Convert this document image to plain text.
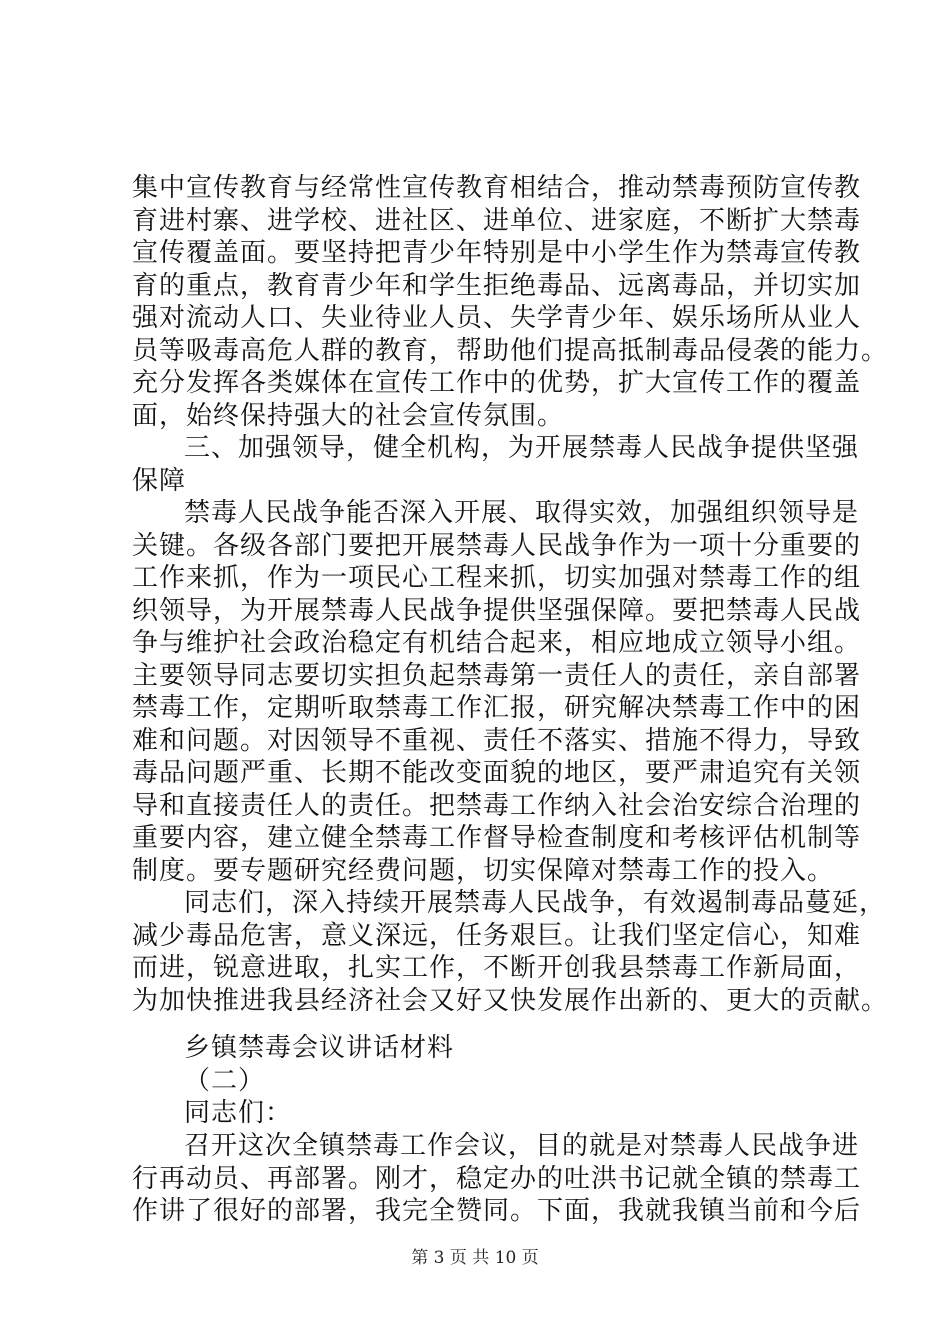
集中宣传教育与经常性宣传教育相结合，推动禁毒预防宣传教
育进村寨、进学校、进社区、进单位、进家庭，不断扩大禁毒
宣传覆盖面。要坚持把青少年特别是中小学生作为禁毒宣传教
育的重点，教育青少年和学生拒绝毒品、远离毒品，并切实加
强对流动人口、失业待业人员、失学青少年、娱乐场所从业人
员等吸毒高危人群的教育，帮助他们提高抵制毒品侵袭的能力。
充分发挥各类媒体在宣传工作中的优势，扩大宣传工作的覆盖
面，始终保持强大的社会宣传氛围。
三、加强领导，健全机构，为开展禁毒人民战争提供坚强
保障
禁毒人民战争能否深入开展、取得实效，加强组织领导是
关键。各级各部门要把开展禁毒人民战争作为一项十分重要的
工作来抓，作为一项民心工程来抓，切实加强对禁毒工作的组
织领导，为开展禁毒人民战争提供坚强保障。要把禁毒人民战
争与维护社会政治稳定有机结合起来，相应地成立领导小组。
主要领导同志要切实担负起禁毒第一责任人的责任，亲自部署
禁毒工作，定期听取禁毒工作汇报，研究解决禁毒工作中的困
难和问题。对因领导不重视、责任不落实、措施不得力，导致
毒品问题严重、长期不能改变面貌的地区，要严肃追究有关领
导和直接责任人的责任。把禁毒工作纳入社会治安综合治理的
重要内容，建立健全禁毒工作督导检查制度和考核评估机制等
制度。要专题研究经费问题，切实保障对禁毒工作的投入。
同志们，深入持续开展禁毒人民战争，有效遏制毒品蔓延，
减少毒品危害，意义深远，任务艰巨。让我们坚定信心，知难
而进，锐意进取，扎实工作，不断开创我县禁毒工作新局面，
为加快推进我县经济社会又好又快发展作出新的、更大的贡献。
乡镇禁毒会议讲话材料
（二）
同志们：
召开这次全镇禁毒工作会议，目的就是对禁毒人民战争进
行再动员、再部署。刚才，稳定办的吐洪书记就全镇的禁毒工
作讲了很好的部署，我完全赞同。下面，我就我镇当前和今后
第 3 页 共 10 页
